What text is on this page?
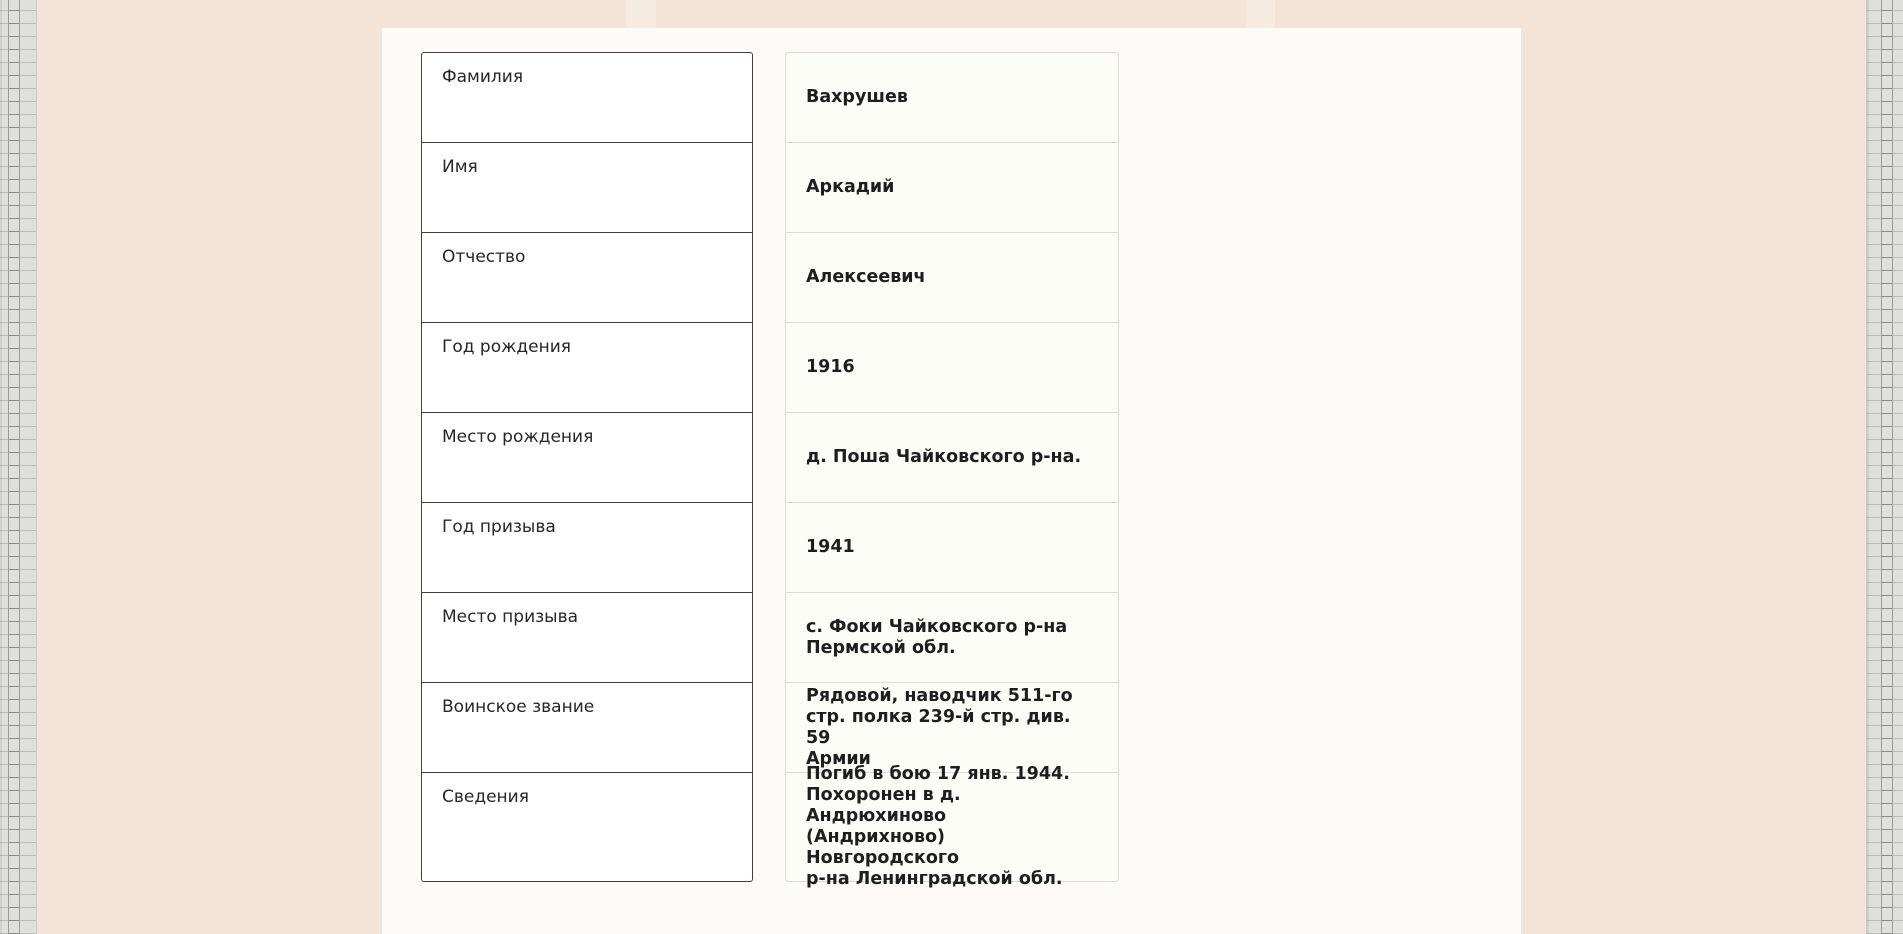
Фамилия
Имя
Отчество
Год рождения
Место рождения
Год призыва
Место призыва
Воинское звание
Сведения
Вахрушев
Аркадий
Алексеевич
1916
д. Поша Чайковского р-на.
1941
с. Фоки Чайковского р-на
Пермской обл.
Рядовой, наводчик 511-го
стр. полка 239-й стр. див. 59
Армии
Погиб в бою 17 янв. 1944.
Похоронен в д. Андрюхиново
(Андрихново) Новгородского
р-на Ленинградской обл.
